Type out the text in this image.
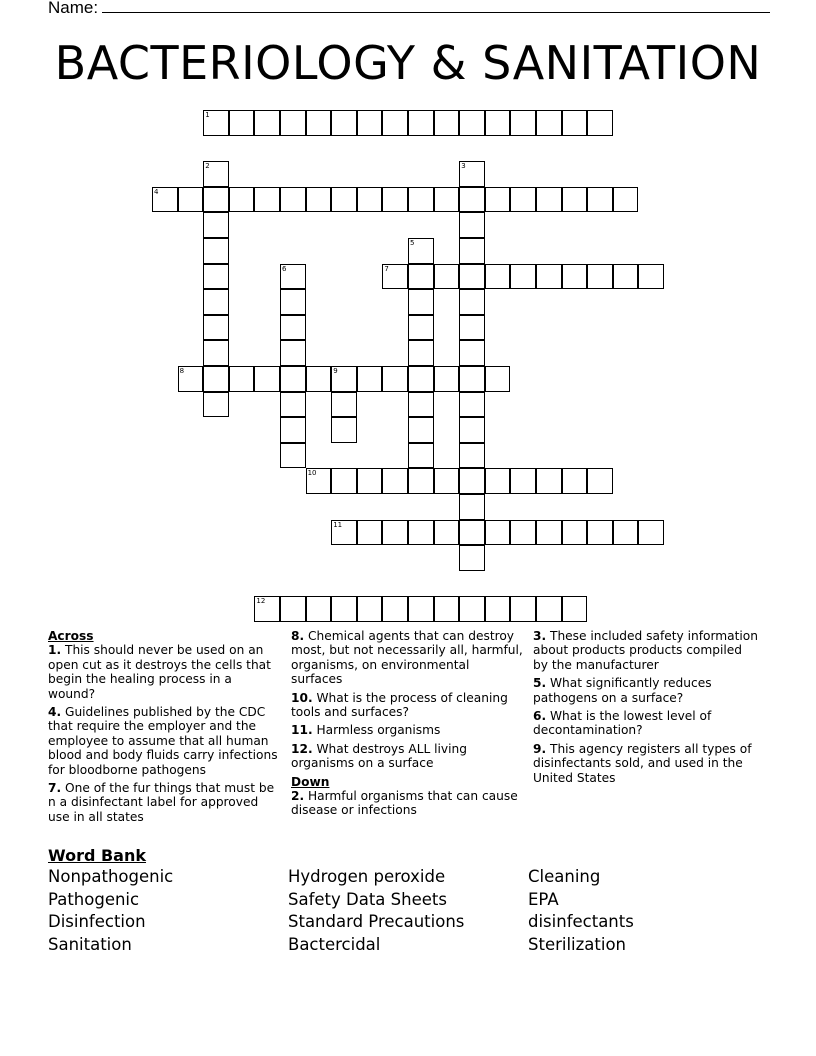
Name:
BACTERIOLOGY & SANITATION
1
2	3
4
5
6	7
8	9
10
11
12
Across
1. This should never be used on an open cut as it destroys the cells that begin the healing process in a wound?
4. Guidelines published by the CDC that require the employer and the employee to assume that all human blood and body fluids carry infections for bloodborne pathogens
7. One of the fur things that must be n a disinfectant label for approved use in all states
8. Chemical agents that can destroy most, but not necessarily all, harmful, organisms, on environmental surfaces
10. What is the process of cleaning tools and surfaces?
11. Harmless organisms
12. What destroys ALL living organisms on a surface
Down
2. Harmful organisms that can cause disease or infections
3. These included safety information about products products compiled by the manufacturer
5. What significantly reduces pathogens on a surface?
6. What is the lowest level of decontamination?
9. This agency registers all types of disinfectants sold, and used in the United States
Word Bank
Nonpathogenic
Pathogenic
Disinfection
Sanitation
Hydrogen peroxide
Safety Data Sheets
Standard Precautions
Bactercidal
Cleaning
EPA
disinfectants
Sterilization
